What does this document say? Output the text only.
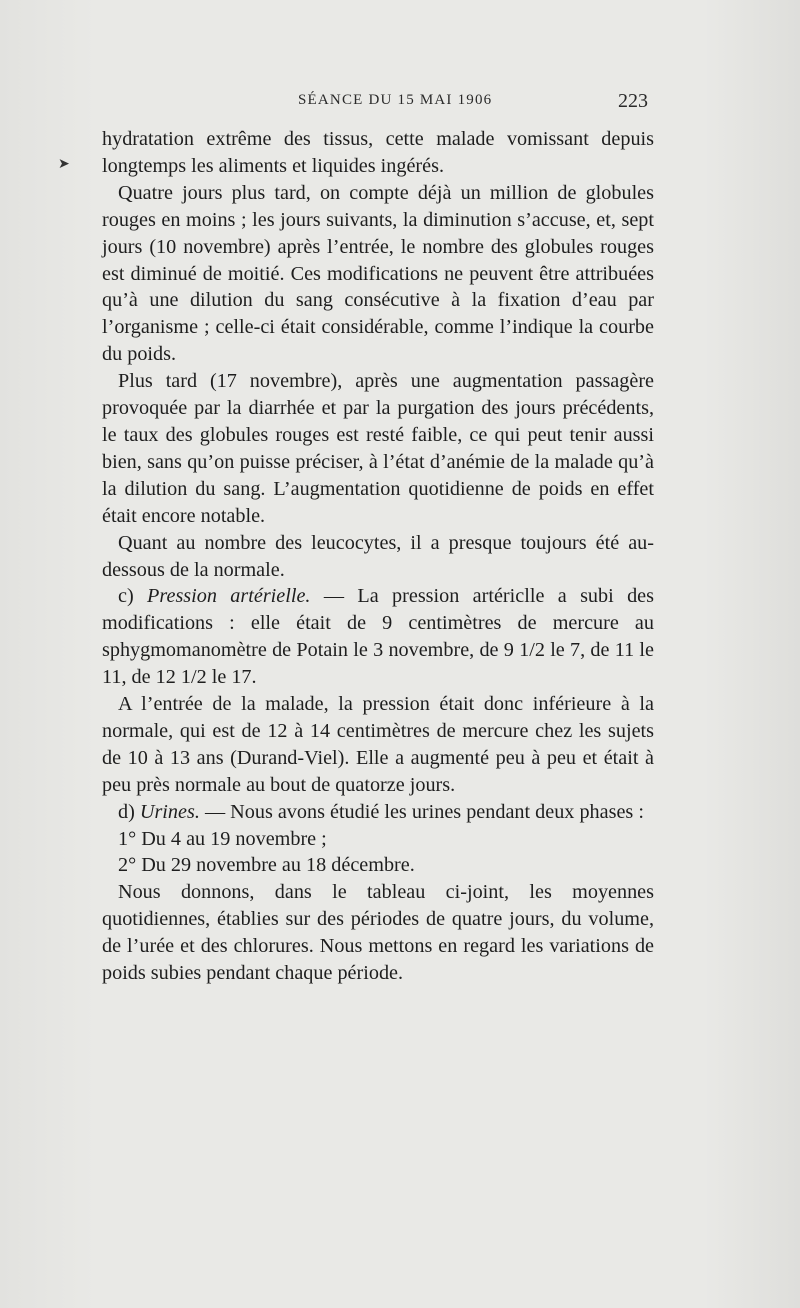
SÉANCE DU 15 MAI 1906	223
➤

hydratation extrême des tissus, cette malade vomissant depuis longtemps les aliments et liquides ingérés.

Quatre jours plus tard, on compte déjà un million de globules rouges en moins ; les jours suivants, la diminution s’accuse, et, sept jours (10 novembre) après l’entrée, le nombre des globules rouges est diminué de moitié. Ces modifications ne peuvent être attribuées qu’à une dilution du sang consécutive à la fixation d’eau par l’organisme ; celle-ci était considérable, comme l’indique la courbe du poids.

Plus tard (17 novembre), après une augmentation passagère provoquée par la diarrhée et par la purgation des jours précédents, le taux des globules rouges est resté faible, ce qui peut tenir aussi bien, sans qu’on puisse préciser, à l’état d’anémie de la malade qu’à la dilution du sang. L’augmentation quotidienne de poids en effet était encore notable.

Quant au nombre des leucocytes, il a presque toujours été au-dessous de la normale.

c) Pression artérielle. — La pression artériclle a subi des modifications : elle était de 9 centimètres de mercure au sphygmomanomètre de Potain le 3 novembre, de 9 1/2 le 7, de 11 le 11, de 12 1/2 le 17.

A l’entrée de la malade, la pression était donc inférieure à la normale, qui est de 12 à 14 centimètres de mercure chez les sujets de 10 à 13 ans (Durand-Viel). Elle a augmenté peu à peu et était à peu près normale au bout de quatorze jours.

d) Urines. — Nous avons étudié les urines pendant deux phases :

1° Du 4 au 19 novembre ;

2° Du 29 novembre au 18 décembre.

Nous donnons, dans le tableau ci-joint, les moyennes quotidiennes, établies sur des périodes de quatre jours, du volume, de l’urée et des chlorures. Nous mettons en regard les variations de poids subies pendant chaque période.
